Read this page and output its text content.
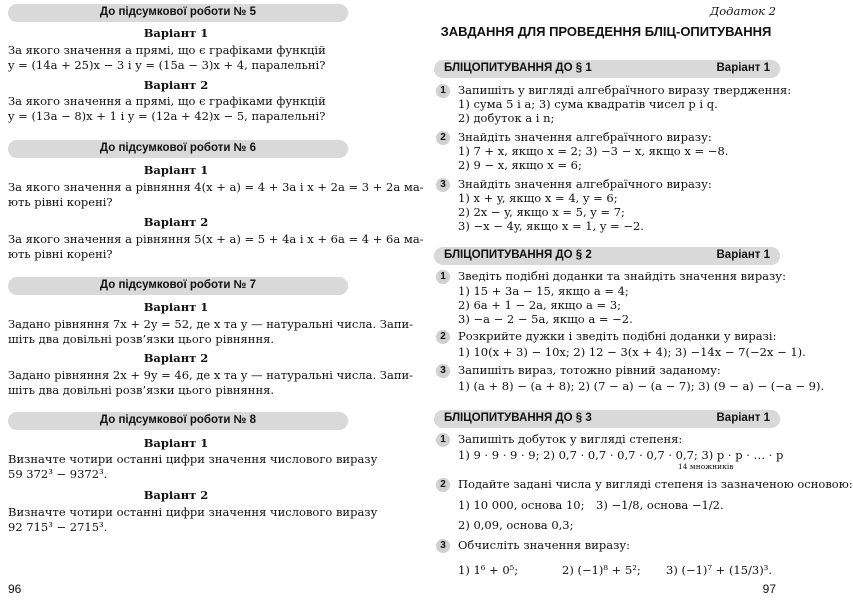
До підсумкової роботи № 5
Варіант 1
За якого значення a прямі, що є графіками функцій
y = (14a + 25)x − 3 і y = (15a − 3)x + 4, паралельні?
Варіант 2
За якого значення a прямі, що є графіками функцій
y = (13a − 8)x + 1 і y = (12a + 42)x − 5, паралельні?
До підсумкової роботи № 6
Варіант 1
За якого значення a рівняння 4(x + a) = 4 + 3a і x + 2a = 3 + 2a ма-
ють рівні корені?
Варіант 2
За якого значення a рівняння 5(x + a) = 5 + 4a і x + 6a = 4 + 6a ма-
ють рівні корені?
До підсумкової роботи № 7
Варіант 1
Задано рівняння 7x + 2y = 52, де x та y — натуральні числа. Запи-
шіть два довільні розв’язки цього рівняння.
Варіант 2
Задано рівняння 2x + 9y = 46, де x та y — натуральні числа. Запи-
шіть два довільні розв’язки цього рівняння.
До підсумкової роботи № 8
Варіант 1
Визначте чотири останні цифри значення числового виразу
59 372³ − 9372³.
Варіант 2
Визначте чотири останні цифри значення числового виразу
92 715³ − 2715³.
96
Додаток 2
ЗАВДАННЯ ДЛЯ ПРОВЕДЕННЯ БЛІЦ-ОПИТУВАННЯ
БЛІЦОПИТУВАННЯ ДО § 1	Варіант 1
1	Запишіть у вигляді алгебраїчного виразу твердження:
1) сума 5 і a; 3) сума квадратів чисел p і q.
2) добуток a і n;
2	Знайдіть значення алгебраїчного виразу:
1) 7 + x, якщо x = 2; 3) −3 − x, якщо x = −8.
2) 9 − x, якщо x = 6;
3	Знайдіть значення алгебраїчного виразу:
1) x + y, якщо x = 4, y = 6;
2) 2x − y, якщо x = 5, y = 7;
3) −x − 4y, якщо x = 1, y = −2.
БЛІЦОПИТУВАННЯ ДО § 2	Варіант 1
1	Зведіть подібні доданки та знайдіть значення виразу:
1) 15 + 3a − 15, якщо a = 4;
2) 6a + 1 − 2a, якщо a = 3;
3) −a − 2 − 5a, якщо a = −2.
2	Розкрийте дужки і зведіть подібні доданки у виразі:
1) 10(x + 3) − 10x; 2) 12 − 3(x + 4); 3) −14x − 7(−2x − 1).
3	Запишіть вираз, тотожно рівний заданому:
1) (a + 8) − (a + 8); 2) (7 − a) − (a − 7); 3) (9 − a) − (−a − 9).
БЛІЦОПИТУВАННЯ ДО § 3	Варіант 1
1	Запишіть добуток у вигляді степеня:
1) 9 · 9 · 9 · 9; 2) 0,7 · 0,7 · 0,7 · 0,7 · 0,7; 3) p · p · … · p
14 множників
2	Подайте задані числа у вигляді степеня із зазначеною основою:
1) 10 000, основа 10; 3) −1/8, основа −1/2.
2) 0,09, основа 0,3;
3	Обчисліть значення виразу:
1) 1⁶ + 0⁵;	2) (−1)⁸ + 5²; 3) (−1)⁷ + (15/3)³.
97
